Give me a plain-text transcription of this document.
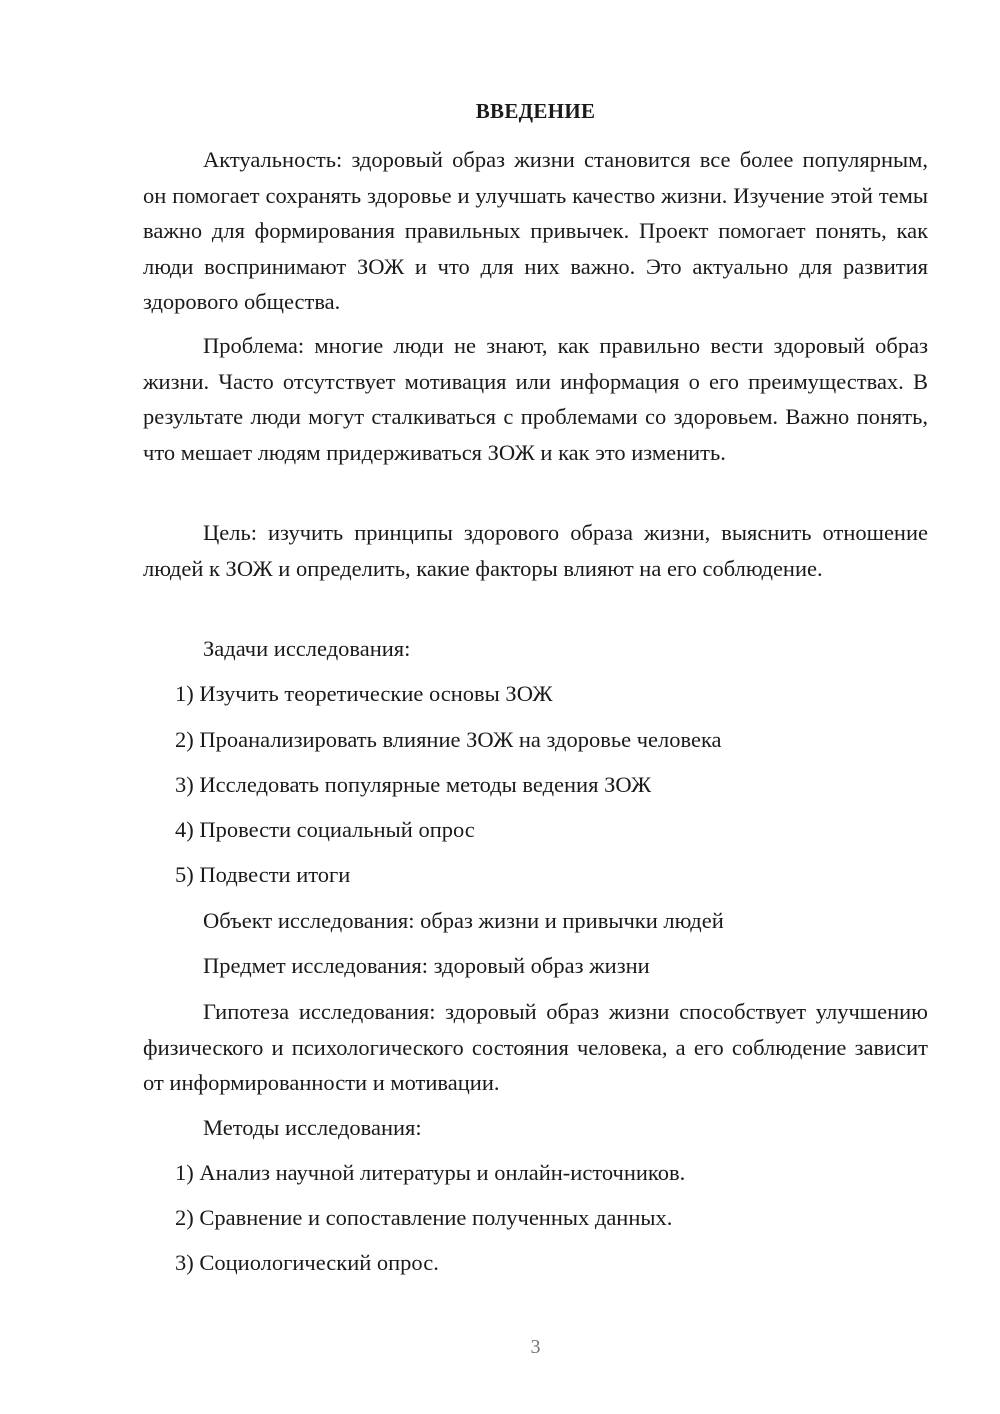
ВВЕДЕНИЕ

Актуальность: здоровый образ жизни становится все более популярным, он помогает сохранять здоровье и улучшать качество жизни. Изучение этой темы важно для формирования правильных привычек. Проект помогает понять, как люди воспринимают ЗОЖ и что для них важно. Это актуально для развития здорового общества.

Проблема: многие люди не знают, как правильно вести здоровый образ жизни. Часто отсутствует мотивация или информация о его преимуществах. В результате люди могут сталкиваться с проблемами со здоровьем. Важно понять, что мешает людям придерживаться ЗОЖ и как это изменить.

Цель: изучить принципы здорового образа жизни, выяснить отношение людей к ЗОЖ и определить, какие факторы влияют на его соблюдение.

Задачи исследования:

1) Изучить теоретические основы ЗОЖ

2) Проанализировать влияние ЗОЖ на здоровье человека

3) Исследовать популярные методы ведения ЗОЖ

4) Провести социальный опрос

5) Подвести итоги

Объект исследования: образ жизни и привычки людей

Предмет исследования: здоровый образ жизни

Гипотеза исследования: здоровый образ жизни способствует улучшению физического и психологического состояния человека, а его соблюдение зависит от информированности и мотивации.

Методы исследования:

1) Анализ научной литературы и онлайн-источников.

2) Сравнение и сопоставление полученных данных.

3) Социологический опрос.

3
